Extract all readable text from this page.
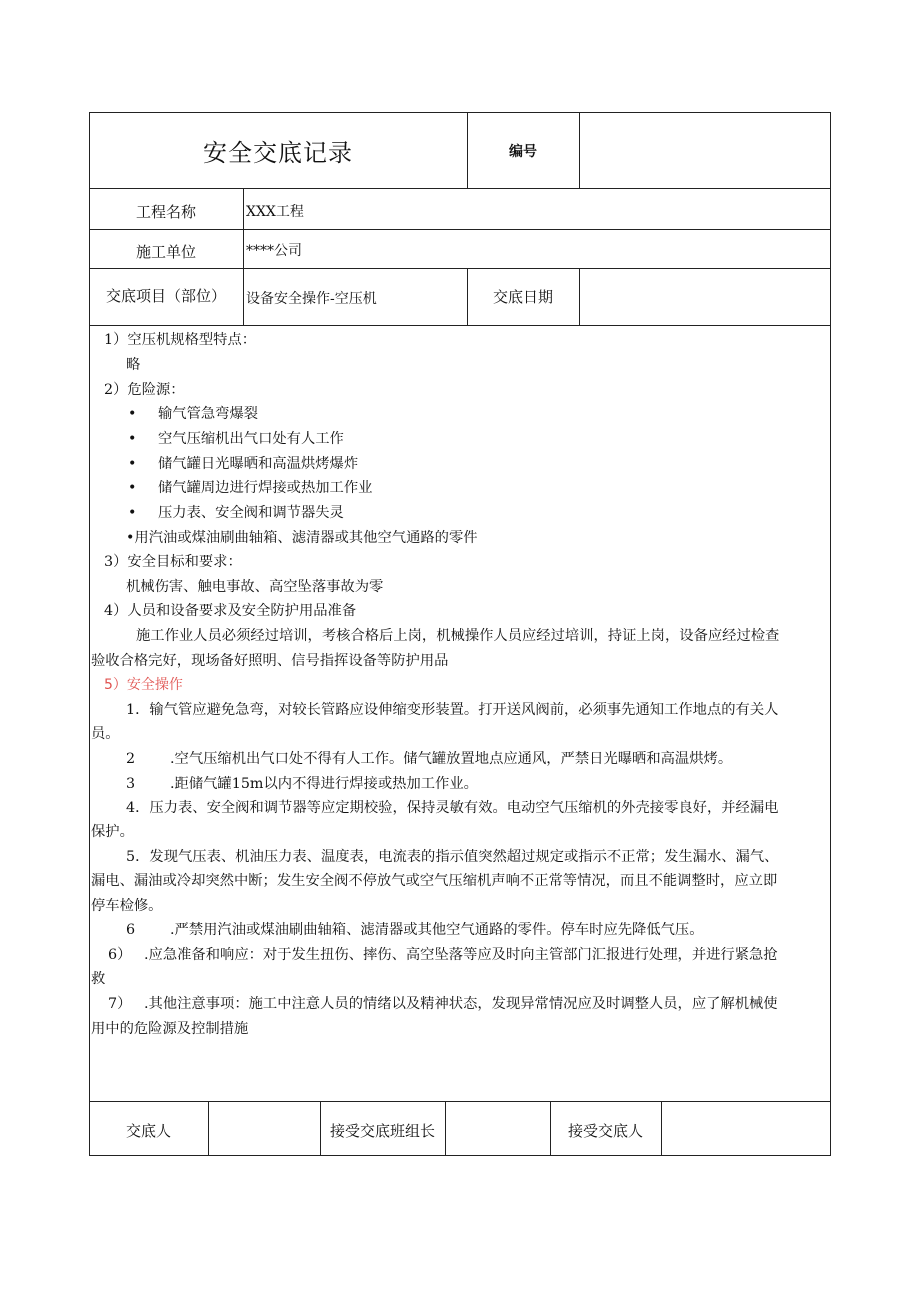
安全交底记录	编号
工程名称	XXX工程
施工单位	****公司
交底项目（部位）	设备安全操作-空压机	交底日期
1）空压机规格型特点：
略
2）危险源：
• 输气管急弯爆裂
• 空气压缩机出气口处有人工作
• 储气罐日光曝晒和高温烘烤爆炸
• 储气罐周边进行焊接或热加工作业
• 压力表、安全阀和调节器失灵
•用汽油或煤油刷曲轴箱、滤清器或其他空气通路的零件
3）安全目标和要求：
机械伤害、触电事故、高空坠落事故为零
4）人员和设备要求及安全防护用品准备
施工作业人员必须经过培训，考核合格后上岗，机械操作人员应经过培训，持证上岗，设备应经过检查
验收合格完好，现场备好照明、信号指挥设备等防护用品
5）安全操作
1．输气管应避免急弯，对较长管路应设伸缩变形装置。打开送风阀前，必须事先通知工作地点的有关人
员。
2 .空气压缩机出气口处不得有人工作。储气罐放置地点应通风，严禁日光曝晒和高温烘烤。
3 .距储气罐15m以内不得进行焊接或热加工作业。
4．压力表、安全阀和调节器等应定期校验，保持灵敏有效。电动空气压缩机的外壳接零良好，并经漏电
保护。
5．发现气压表、机油压力表、温度表，电流表的指示值突然超过规定或指示不正常；发生漏水、漏气、
漏电、漏油或冷却突然中断；发生安全阀不停放气或空气压缩机声响不正常等情况，而且不能调整时，应立即
停车检修。
6 .严禁用汽油或煤油刷曲轴箱、滤清器或其他空气通路的零件。停车时应先降低气压。
6） .应急准备和响应：对于发生扭伤、摔伤、高空坠落等应及时向主管部门汇报进行处理，并进行紧急抢
救
7） .其他注意事项：施工中注意人员的情绪以及精神状态，发现异常情况应及时调整人员，应了解机械使
用中的危险源及控制措施
交底人	接受交底班组长	接受交底人
